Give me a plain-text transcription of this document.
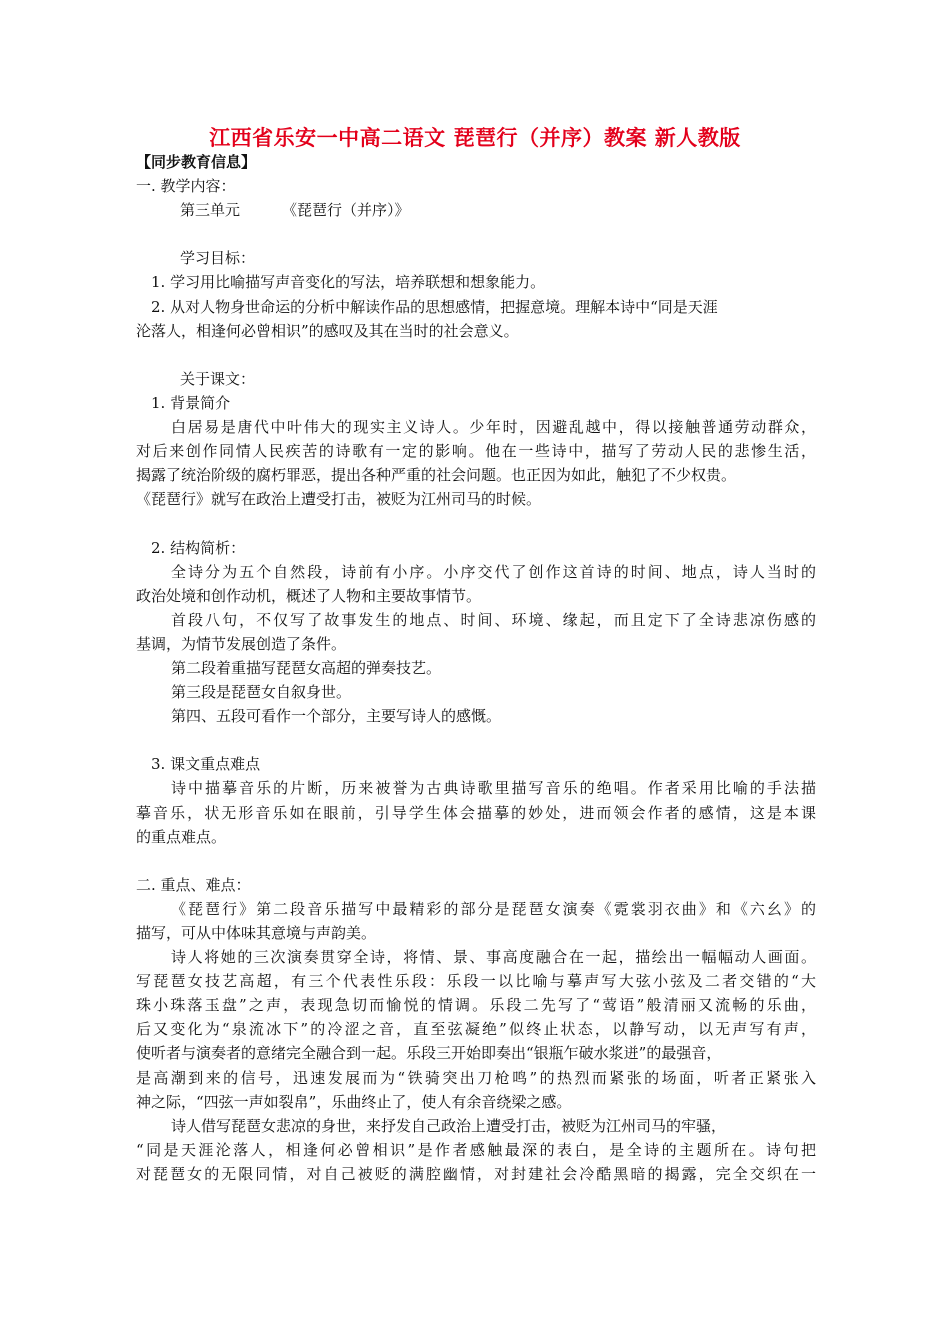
江西省乐安一中高二语文 琵琶行（并序）教案 新人教版
【同步教育信息】
一. 教学内容：
第三单元	《琵琶行（并序）》
学习目标：
1. 学习用比喻描写声音变化的写法，培养联想和想象能力。
2. 从对人物身世命运的分析中解读作品的思想感情，把握意境。理解本诗中“同是天涯
沦落人，相逢何必曾相识”的感叹及其在当时的社会意义。
关于课文：
1. 背景简介
白居易是唐代中叶伟大的现实主义诗人。少年时，因避乱越中，得以接触普通劳动群众，
对后来创作同情人民疾苦的诗歌有一定的影响。他在一些诗中，描写了劳动人民的悲惨生活，
揭露了统治阶级的腐朽罪恶，提出各种严重的社会问题。也正因为如此，触犯了不少权贵。
《琵琶行》就写在政治上遭受打击，被贬为江州司马的时候。
2. 结构简析：
全诗分为五个自然段，诗前有小序。小序交代了创作这首诗的时间、地点，诗人当时的
政治处境和创作动机，概述了人物和主要故事情节。
首段八句，不仅写了故事发生的地点、时间、环境、缘起，而且定下了全诗悲凉伤感的
基调，为情节发展创造了条件。
第二段着重描写琵琶女高超的弹奏技艺。
第三段是琵琶女自叙身世。
第四、五段可看作一个部分，主要写诗人的感慨。
3. 课文重点难点
诗中描摹音乐的片断，历来被誉为古典诗歌里描写音乐的绝唱。作者采用比喻的手法描
摹音乐，状无形音乐如在眼前，引导学生体会描摹的妙处，进而领会作者的感情，这是本课
的重点难点。
二. 重点、难点：
《琵琶行》第二段音乐描写中最精彩的部分是琵琶女演奏《霓裳羽衣曲》和《六幺》的
描写，可从中体味其意境与声韵美。
诗人将她的三次演奏贯穿全诗，将情、景、事高度融合在一起，描绘出一幅幅动人画面。
写琵琶女技艺高超，有三个代表性乐段：乐段一以比喻与摹声写大弦小弦及二者交错的“大
珠小珠落玉盘”之声，表现急切而愉悦的情调。乐段二先写了“莺语”般清丽又流畅的乐曲，
后又变化为“泉流冰下”的冷涩之音，直至弦凝绝”似终止状态，以静写动，以无声写有声，
使听者与演奏者的意绪完全融合到一起。乐段三开始即奏出“银瓶乍破水浆迸”的最强音，
是高潮到来的信号，迅速发展而为“铁骑突出刀枪鸣”的热烈而紧张的场面，听者正紧张入
神之际，“四弦一声如裂帛”，乐曲终止了，使人有余音绕梁之感。
诗人借写琵琶女悲凉的身世，来抒发自己政治上遭受打击，被贬为江州司马的牢骚，
“同是天涯沦落人，相逢何必曾相识”是作者感触最深的表白，是全诗的主题所在。诗句把
对琵琶女的无限同情，对自己被贬的满腔幽情，对封建社会冷酷黑暗的揭露，完全交织在一
